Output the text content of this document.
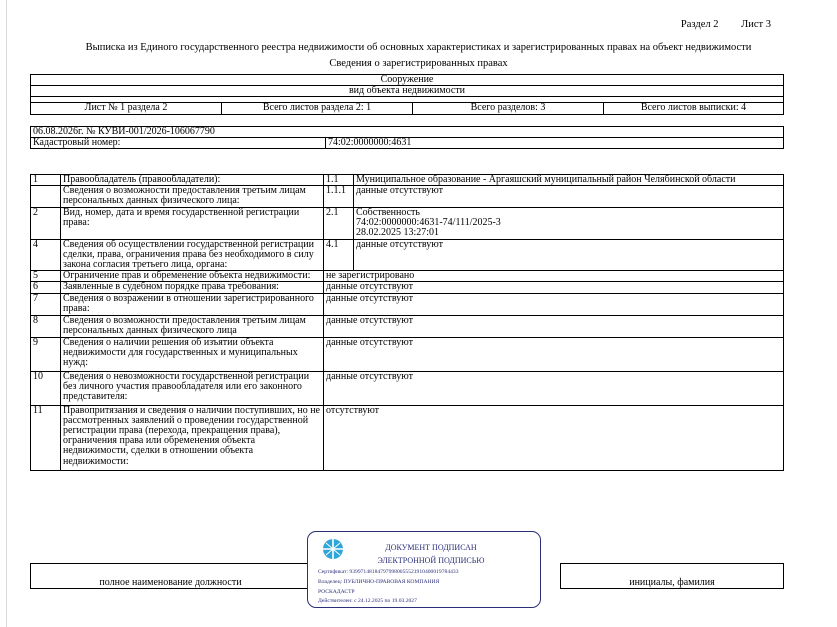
Раздел 2 Лист 3
Выписка из Единого государственного реестра недвижимости об основных характеристиках и зарегистрированных правах на объект недвижимости
Сведения о зарегистрированных правах
Сооружение
вид объекта недвижимости

Лист № 1 раздела 2	Всего листов раздела 2: 1	Всего разделов: 3	Всего листов выписки: 4
06.08.2026г. № КУВИ-001/2026-106067790
Кадастровый номер:	74:02:0000000:4631
1	Правообладатель (правообладатели):	1.1	Муниципальное образование - Аргаяшский муниципальный район Челябинской области
	Сведения о возможности предоставления третьим лицам персональных данных физического лица:	1.1.1	данные отсутствуют
2	Вид, номер, дата и время государственной регистрации права:	2.1	Собственность
74:02:0000000:4631-74/111/2025-3
28.02.2025 13:27:01

4	Сведения об осуществлении государственной регистрации сделки, права, ограничения права без необходимого в силу закона согласия третьего лица, органа:	4.1	данные отсутствуют
5	Ограничение прав и обременение объекта недвижимости:	не зарегистрировано	
6	Заявленные в судебном порядке права требования:	данные отсутствуют	
7	Сведения о возражении в отношении зарегистрированного права:	данные отсутствуют	
8	Сведения о возможности предоставления третьим лицам персональных данных физического лица	данные отсутствуют	
9	Сведения о наличии решения об изъятии объекта недвижимости для государственных и муниципальных нужд:	данные отсутствуют	
10	Сведения о невозможности государственной регистрации без личного участия правообладателя или его законного представителя:	данные отсутствуют	
11	Правопритязания и сведения о наличии поступивших, но не рассмотренных заявлений о проведении государственной регистрации права (перехода, прекращения права), ограничения права или обременения объекта недвижимости, сделки в отношении объекта недвижимости:	отсутствуют	

полное наименование должности		инициалы, фамилия
ДОКУМЕНТ ПОДПИСАН
ЭЛЕКТРОННОЙ ПОДПИСЬЮ
Сертификат: 939971481847979980055521910400019784433
Владелец: ПУБЛИЧНО-ПРАВОВАЯ КОМПАНИЯ
РОСКАДАСТР
Действителен: с 24.12.2025 по 19.03.2027
